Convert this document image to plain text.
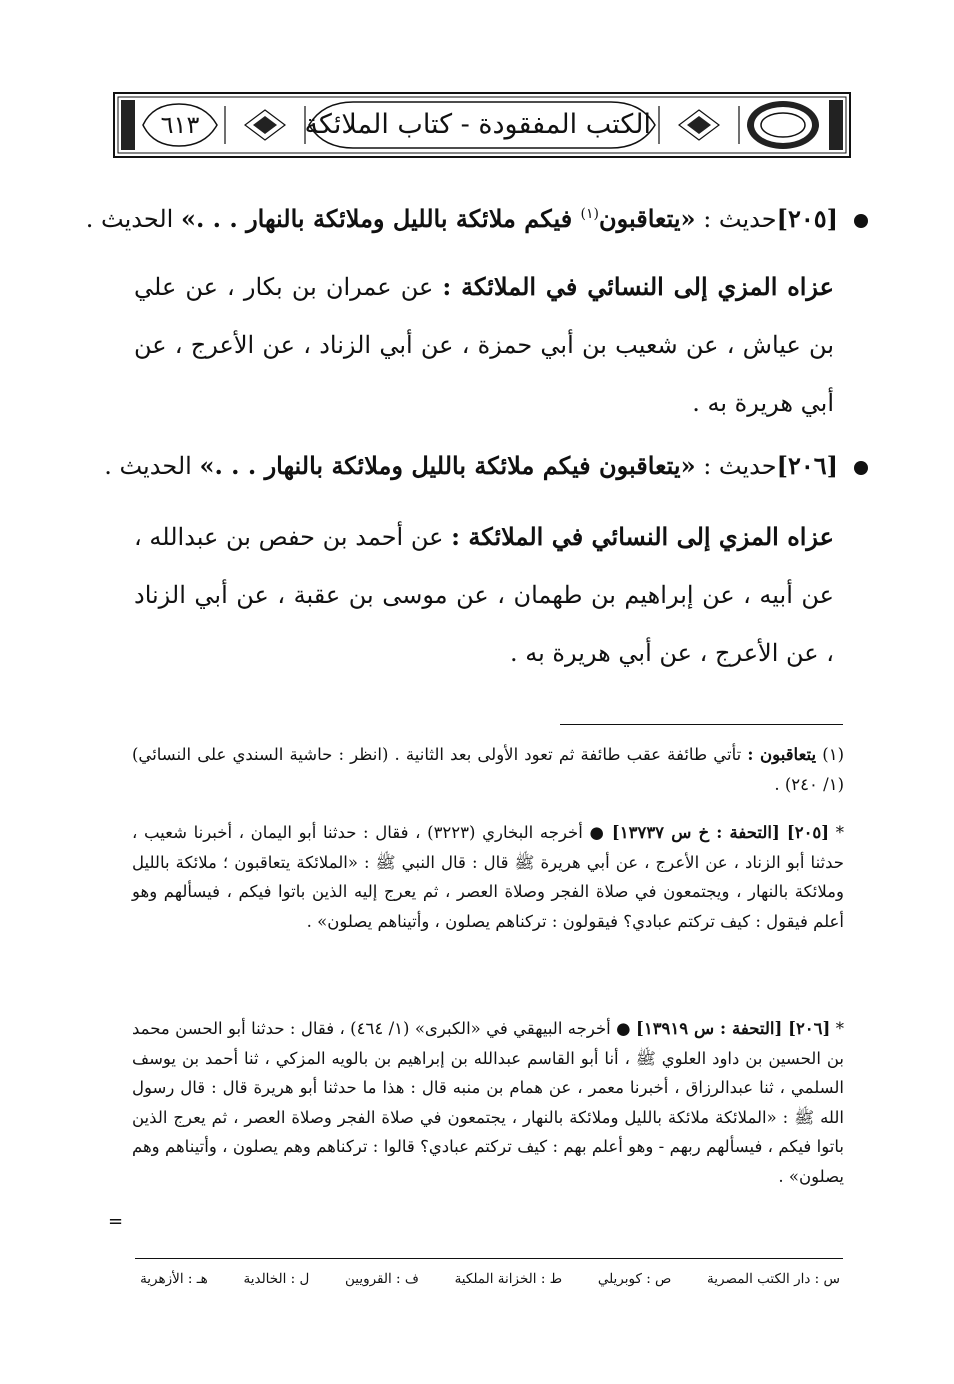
٦١٣	الكتب المفقودة - كتاب الملائكة
[٢٠٥]حديث : «يتعاقبون$^{(١)}$ فيكم ملائكة بالليل وملائكة بالنهار . . .» الحديث .
عزاه المزي إلى النسائي في الملائكة : عن عمران بن بكار ، عن علي بن عياش ، عن شعيب بن أبي حمزة ، عن أبي الزناد ، عن الأعرج ، عن أبي هريرة به .
[٢٠٦]حديث : «يتعاقبون فيكم ملائكة بالليل وملائكة بالنهار . . .» الحديث .
عزاه المزي إلى النسائي في الملائكة : عن أحمد بن حفص بن عبدالله ، عن أبيه ، عن إبراهيم بن طهمان ، عن موسى بن عقبة ، عن أبي الزناد ، عن الأعرج ، عن أبي هريرة به .
(١) يتعاقبون : تأتي طائفة عقب طائفة ثم تعود الأولى بعد الثانية . (انظر : حاشية السندي على النسائي) (١/ ٢٤٠) .
* [٢٠٥] [التحفة : خ س ١٣٧٣٧] ● أخرجه البخاري (٣٢٢٣) ، فقال : حدثنا أبو اليمان ، أخبرنا شعيب ، حدثنا أبو الزناد ، عن الأعرج ، عن أبي هريرة ﷺ قال : قال النبي ﷺ : «الملائكة يتعاقبون ؛ ملائكة بالليل وملائكة بالنهار ، ويجتمعون في صلاة الفجر وصلاة العصر ، ثم يعرج إليه الذين باتوا فيكم ، فيسألهم وهو أعلم فيقول : كيف تركتم عبادي؟ فيقولون : تركناهم يصلون ، وأتيناهم يصلون» .
* [٢٠٦] [التحفة : س ١٣٩١٩] ● أخرجه البيهقي في «الكبرى» (١/ ٤٦٤) ، فقال : حدثنا أبو الحسن محمد بن الحسين بن داود العلوي ﷺ ، أنا أبو القاسم عبدالله بن إبراهيم بن بالويه المزكي ، ثنا أحمد بن يوسف السلمي ، ثنا عبدالرزاق ، أخبرنا معمر ، عن همام بن منبه قال : هذا ما حدثنا أبو هريرة قال : قال رسول الله ﷺ : «الملائكة ملائكة بالليل وملائكة بالنهار ، يجتمعون في صلاة الفجر وصلاة العصر ، ثم يعرج الذين باتوا فيكم ، فيسألهم ربهم - وهو أعلم بهم : كيف تركتم عبادي؟ قالوا : تركناهم وهم يصلون ، وأتيناهم وهم يصلون» .
=
س : دار الكتب المصرية
ص : كوبريلي
ط : الخزانة الملكية
ف : القرويين
ل : الخالدية
هـ : الأزهرية
